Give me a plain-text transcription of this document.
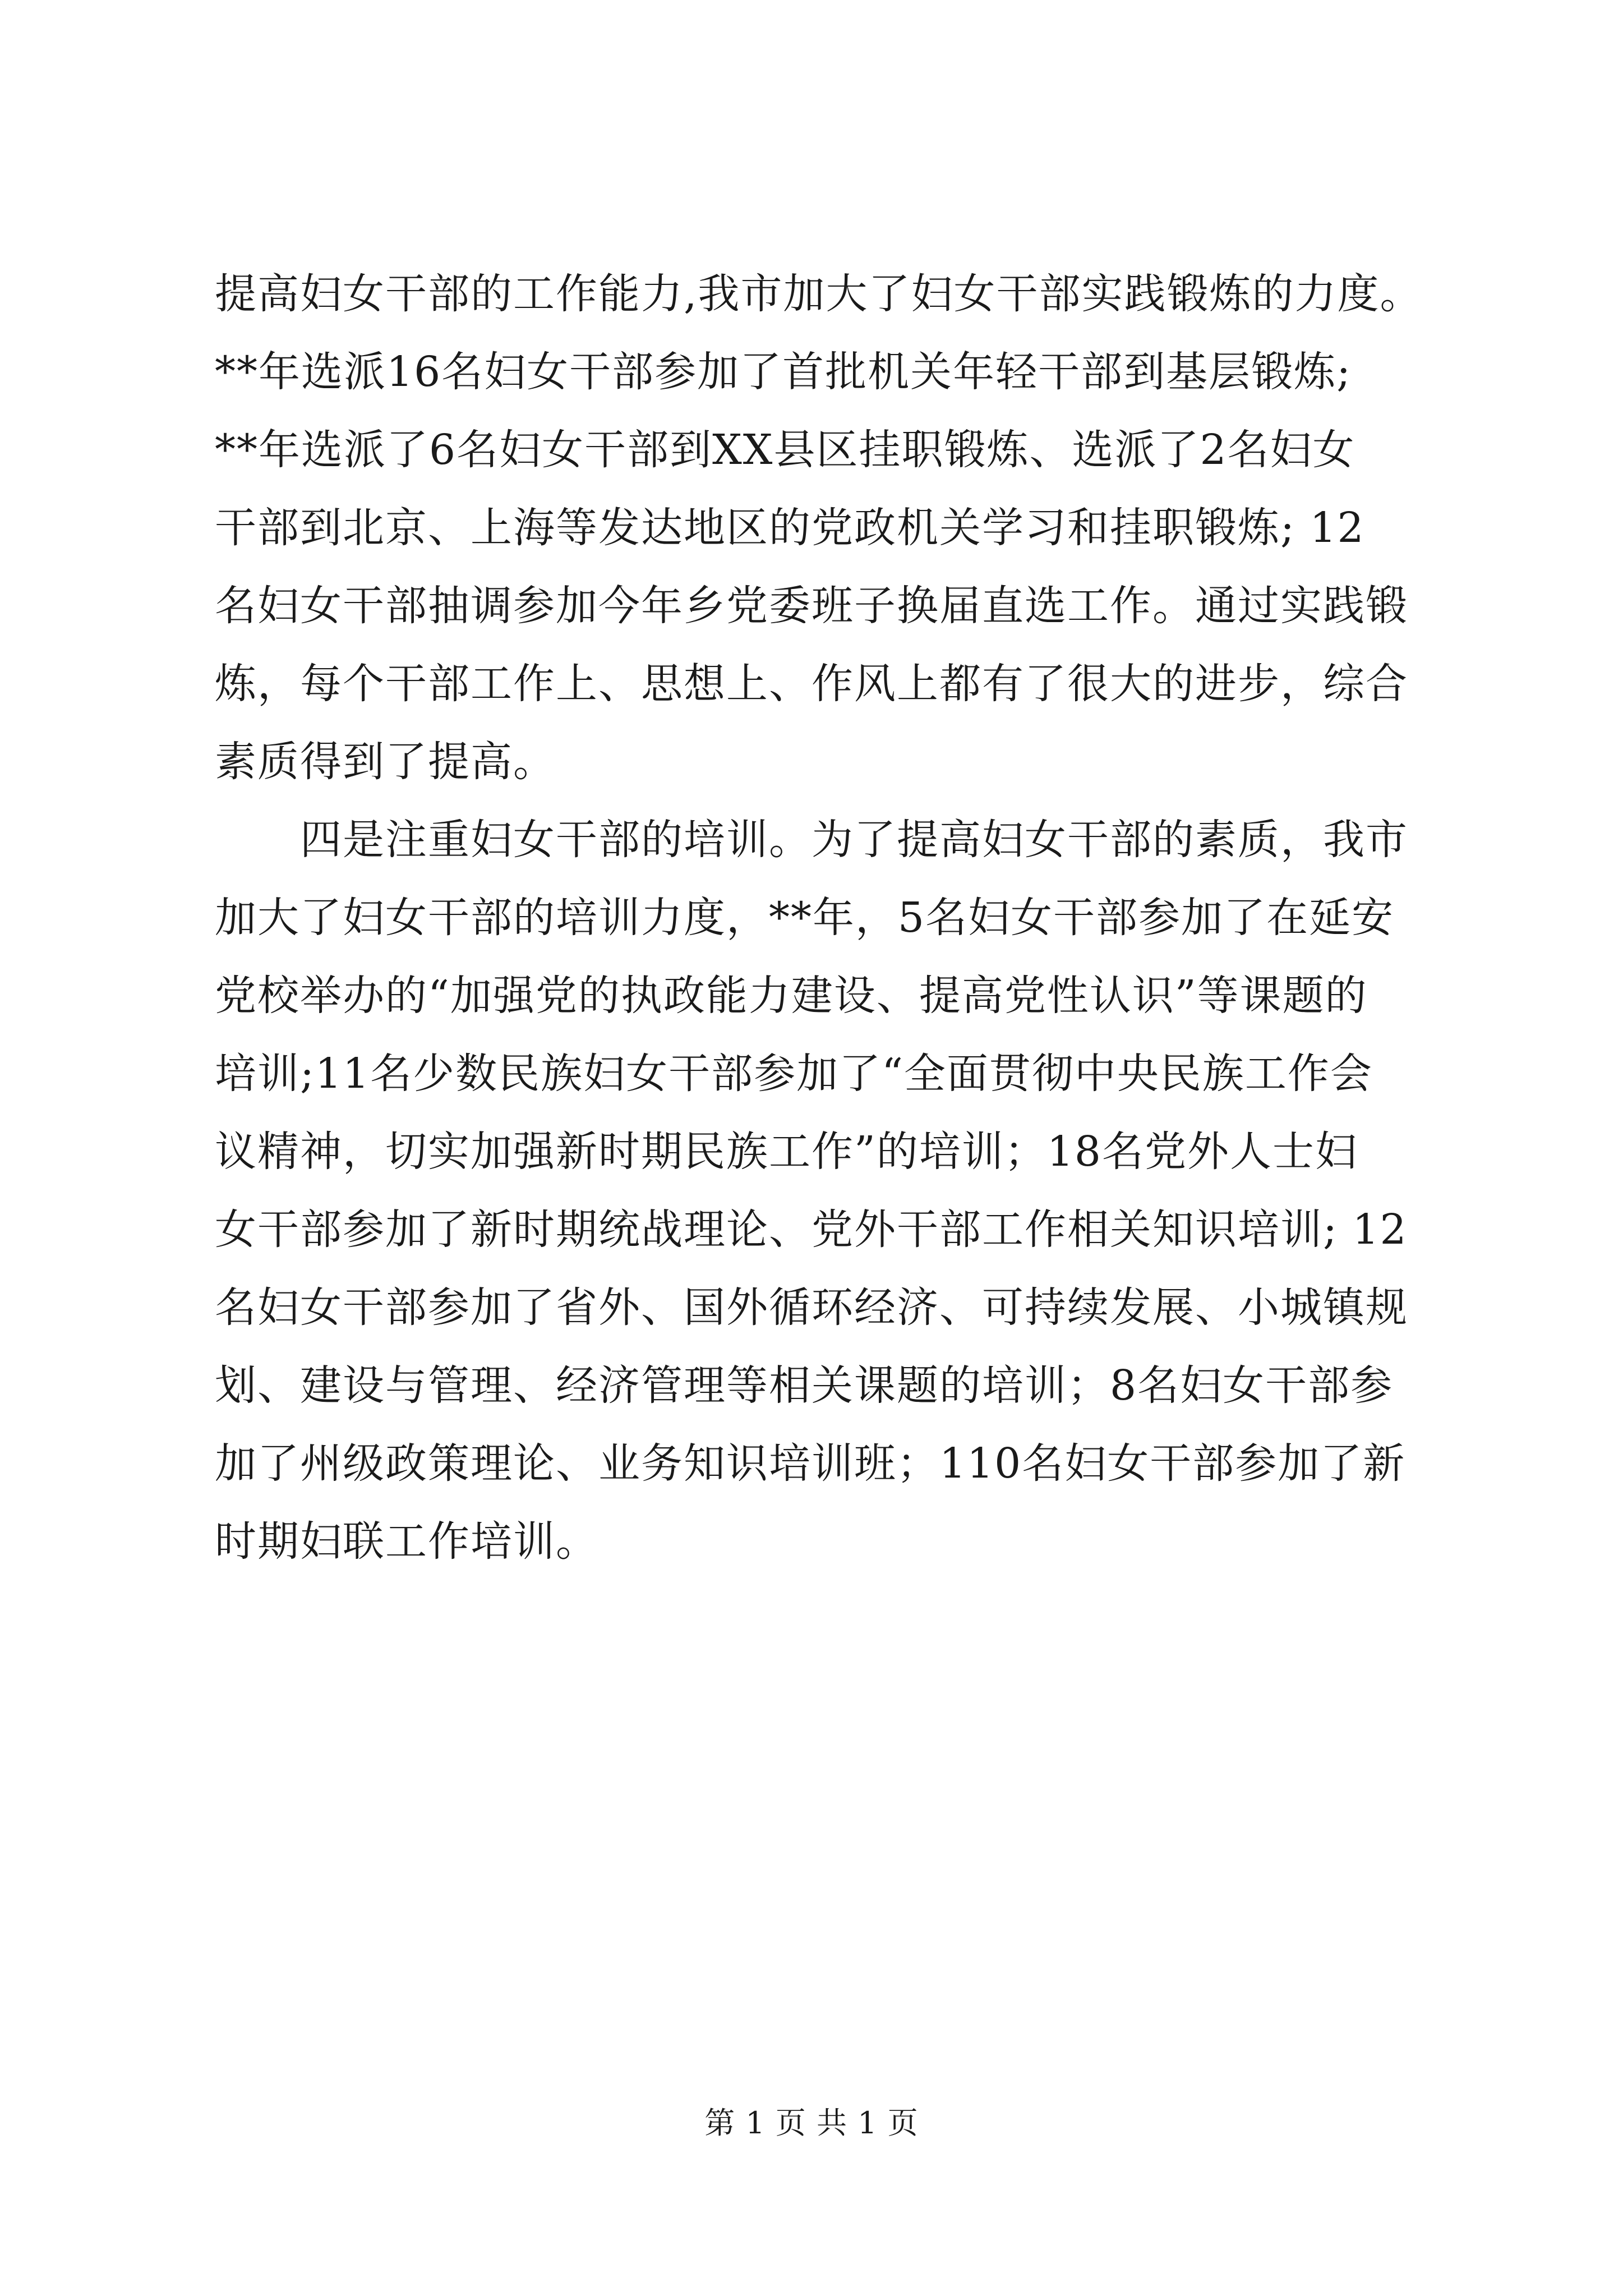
提高妇女干部的工作能力,我市加大了妇女干部实践锻炼的力度。
**年选派16名妇女干部参加了首批机关年轻干部到基层锻炼;
**年选派了6名妇女干部到XX县区挂职锻炼、选派了2名妇女
干部到北京、上海等发达地区的党政机关学习和挂职锻炼; 12
名妇女干部抽调参加今年乡党委班子换届直选工作。通过实践锻
炼，每个干部工作上、思想上、作风上都有了很大的进步，综合
素质得到了提高。
　　四是注重妇女干部的培训。为了提高妇女干部的素质，我市
加大了妇女干部的培训力度，**年，5名妇女干部参加了在延安
党校举办的“加强党的执政能力建设、提高党性认识”等课题的
培训;11名少数民族妇女干部参加了“全面贯彻中央民族工作会
议精神，切实加强新时期民族工作”的培训；18名党外人士妇
女干部参加了新时期统战理论、党外干部工作相关知识培训; 12
名妇女干部参加了省外、国外循环经济、可持续发展、小城镇规
划、建设与管理、经济管理等相关课题的培训；8名妇女干部参
加了州级政策理论、业务知识培训班；110名妇女干部参加了新
时期妇联工作培训。
第 1 页 共 1 页
